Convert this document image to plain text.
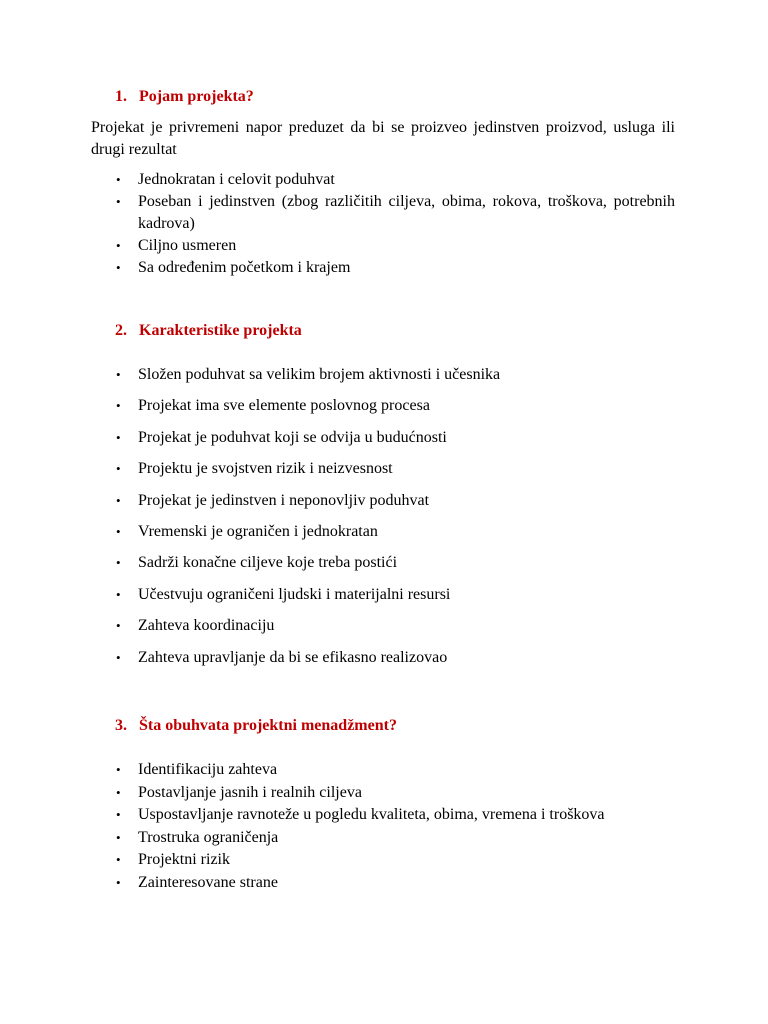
1. Pojam projekta?
Projekat je privremeni napor preduzet da bi se proizveo jedinstven proizvod, usluga ili drugi rezultat
• Jednokratan i celovit poduhvat
• Poseban i jedinstven (zbog različitih ciljeva, obima, rokova, troškova, potrebnih kadrova)
• Ciljno usmeren
• Sa određenim početkom i krajem
2. Karakteristike projekta
• Složen poduhvat sa velikim brojem aktivnosti i učesnika
• Projekat ima sve elemente poslovnog procesa
• Projekat je poduhvat koji se odvija u budućnosti
• Projektu je svojstven rizik i neizvesnost
• Projekat je jedinstven i neponovljiv poduhvat
• Vremenski je ograničen i jednokratan
• Sadrži konačne ciljeve koje treba postići
• Učestvuju ograničeni ljudski i materijalni resursi
• Zahteva koordinaciju
• Zahteva upravljanje da bi se efikasno realizovao
3. Šta obuhvata projektni menadžment?
• Identifikaciju zahteva
• Postavljanje jasnih i realnih ciljeva
• Uspostavljanje ravnoteže u pogledu kvaliteta, obima, vremena i troškova
• Trostruka ograničenja
• Projektni rizik
• Zainteresovane strane
